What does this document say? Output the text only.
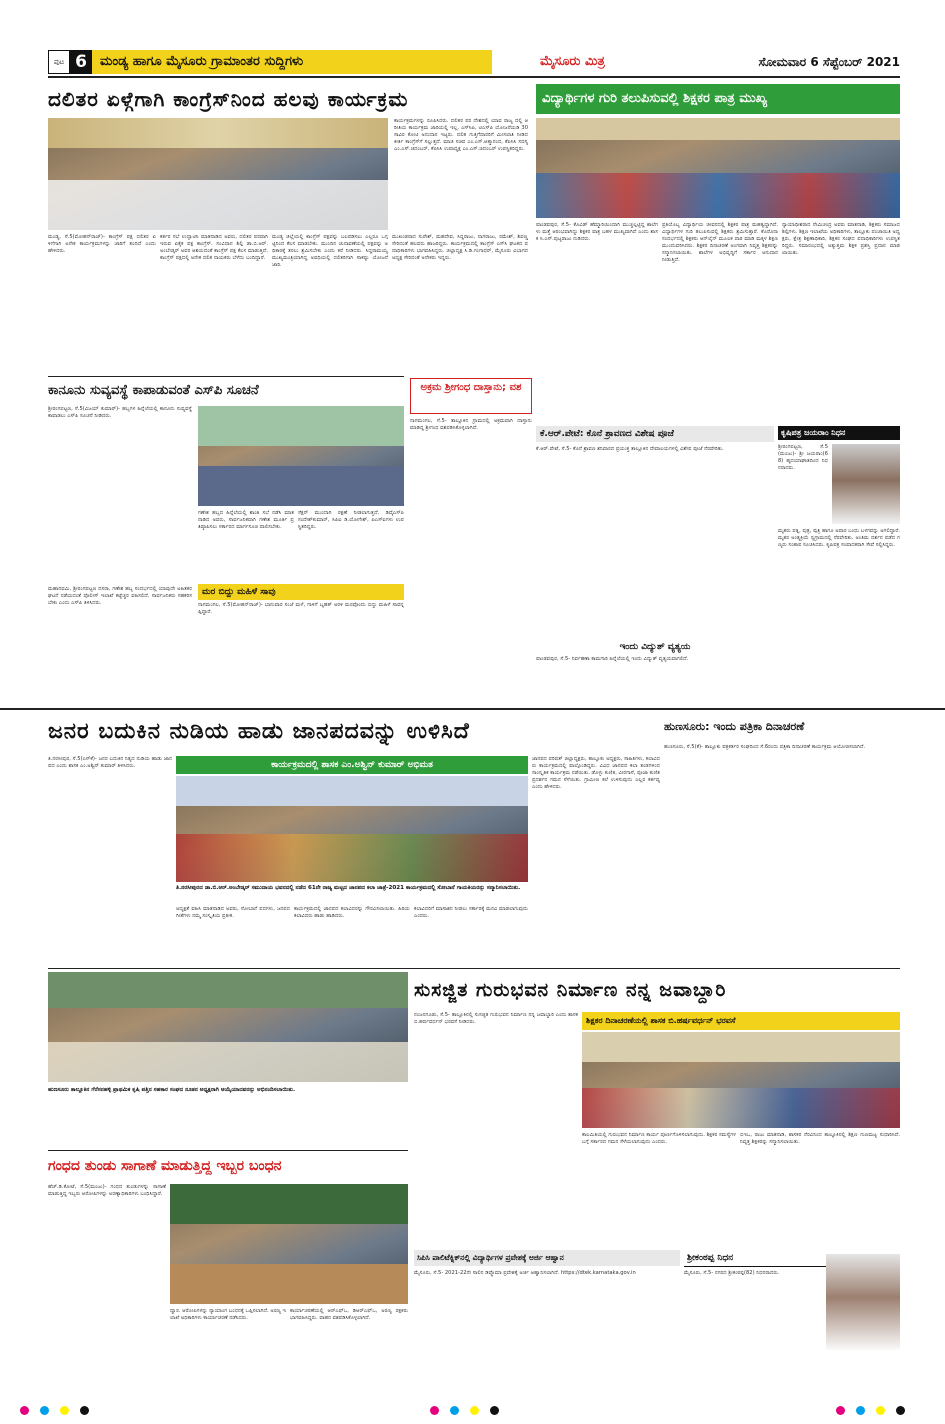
ಪುಟ 6	ಮಂಡ್ಯ ಹಾಗೂ ಮೈಸೂರು ಗ್ರಾಮಾಂತರ ಸುದ್ದಿಗಳು	ಮೈಸೂರು ಮಿತ್ರ	ಸೋಮವಾರ 6 ಸೆಪ್ಟೆಂಬರ್ 2021
ದಲಿತರ ಏಳ್ಗೆಗಾಗಿ ಕಾಂಗ್ರೆಸ್‌ನಿಂದ ಹಲವು ಕಾರ್ಯಕ್ರಮ
ಕಾರ್ಯಕ್ರಮಗಳನ್ನು ರೂಪಿಸಿದರು. ದಲಿತರ ಪರ ದೇಶದಲ್ಲಿ ಯಾವ ರಾಜ್ಯ ದಲ್ಲಿ ಆ ರೀತಿಯ ಕಾರ್ಯಕ್ರಮ ಜಾರಿಯಲ್ಲಿ ಇಲ್ಲ. ಎಸ್‌ಸಿಪಿ, ಟಿಎಸ್‌ಪಿ ಯೋಜನೆಯಡಿ 30 ಸಾವಿರ ಕೋಟಿ ಅನುದಾನ ಇಟ್ಟರು. ದಲಿತ ಗುತ್ತಿಗೆದಾರರಿಗೆ ಮೀಸಲಾತಿ ನೀಡಿದ ಕೀರ್ತಿ ಕಾಂಗ್ರೆಸ್‌ಗೆ ಸಲ್ಲುತ್ತದೆ. ಮಾಜಿ ಸಚಿವ ಎಂ.ಎಸ್.ಆತ್ಮಾನಂದ, ಕೆಪಿಸಿಸಿ ಸದಸ್ಯ ಎಂ.ಎಸ್.ಚಿದಂಬರ್, ಕೆಪಿಸಿಸಿ ಉಪಾಧ್ಯಕ್ಷ ಎಂ.ಎಸ್.ಚಿದಂಬರ್ ಉಪಸ್ಥಿತರಿದ್ದರು.
ಮಂಡ್ಯ, ಸೆ.5(ಮೋಹನ್‌ರಾಜ್)- ಕಾಂಗ್ರೆಸ್ ಪಕ್ಷ ದಲಿತರ ಏಳಿಗೆಗಾಗಿ ಅನೇಕ ಕಾರ್ಯಕ್ರಮಗಳನ್ನು ಜಾರಿಗೆ ತಂದಿದೆ ಎಂದು ಹೇಳಿದರು.
ಕರ್ತರ ಸಭೆ ಉದ್ಘಾಟಿಸಿ ಮಾತನಾಡಿದ ಅವರು, ದಲಿತರ ಪರವಾಗಿ ಇರುವ ಏಕೈಕ ಪಕ್ಷ ಕಾಂಗ್ರೆಸ್. ಸಂವಿಧಾನ ಶಿಲ್ಪಿ ಡಾ.ಬಿ.ಆರ್.ಅಂಬೇಡ್ಕರ್ ಅವರ ಆಶಯದಂತೆ ಕಾಂಗ್ರೆಸ್ ಪಕ್ಷ ಕೆಲಸ ಮಾಡುತ್ತಿದೆ. ಕಾಂಗ್ರೆಸ್ ಪಕ್ಷದಲ್ಲಿ ಅನೇಕ ದಲಿತ ನಾಯಕರು ಬೆಳೆದು ಬಂದಿದ್ದಾರೆ.
ಮಂಡ್ಯ ಜಿಲ್ಲೆಯಲ್ಲಿ ಕಾಂಗ್ರೆಸ್ ಪಕ್ಷವನ್ನು ಬಲಪಡಿಸಲು ಎಲ್ಲರೂ ಒಗ್ಗಟ್ಟಿನಿಂದ ಕೆಲಸ ಮಾಡಬೇಕು. ಮುಂದಿನ ಚುನಾವಣೆಯಲ್ಲಿ ಪಕ್ಷವನ್ನು ಅಧಿಕಾರಕ್ಕೆ ತರಲು ಶ್ರಮಿಸಬೇಕು ಎಂದು ಕರೆ ನೀಡಿದರು. ಸಿದ್ದರಾಮಯ್ಯ ಮುಖ್ಯಮಂತ್ರಿಯಾಗಿದ್ದ ಅವಧಿಯಲ್ಲಿ ದಲಿತರಿಗಾಗಿ ಸಾಕಷ್ಟು ಯೋಜನೆ ಜಾರಿ.
ಮುಖಂಡರಾದ ಸುರೇಶ್, ಮಹದೇವ, ಸಿದ್ದರಾಜು, ನಾಗರಾಜು, ರಮೇಶ್, ಶಿವಣ್ಣ ಸೇರಿದಂತೆ ಹಲವರು ಹಾಜರಿದ್ದರು. ಕಾರ್ಯಕ್ರಮದಲ್ಲಿ ಕಾಂಗ್ರೆಸ್ ಎಸ್‌ಸಿ ಘಟಕದ ಪದಾಧಿಕಾರಿಗಳು ಭಾಗವಹಿಸಿದ್ದರು. ಜಿಲ್ಲಾಧ್ಯಕ್ಷ ಸಿ.ಡಿ.ಗಂಗಾಧರ್, ಮೈಸೂರು ವಿಭಾಗದ ಅಧ್ಯಕ್ಷ ಸೇರಿದಂತೆ ಅನೇಕರು ಇದ್ದರು.
ವಿದ್ಯಾರ್ಥಿಗಳ ಗುರಿ ತಲುಪಿಸುವಲ್ಲಿ ಶಿಕ್ಷಕರ ಪಾತ್ರ ಮುಖ್ಯ
ಪಾಂಡವಪುರ, ಸೆ.5- ಕೊವಿಡ್ ಹೆಮ್ಮಾರಿಯಿಂದಾಗಿ ಮುಚ್ಚಲ್ಪಟ್ಟಿದ್ದ ಶಾಲೆಗಳು ಮತ್ತೆ ಆರಂಭವಾಗಿದ್ದು ಶಿಕ್ಷಕರ ಪಾತ್ರ ಬಹಳ ಮುಖ್ಯವಾಗಿದೆ ಎಂದು ಶಾಸಕ ಸಿ.ಎಸ್.ಪುಟ್ಟರಾಜು ನುಡಿದರು.
ಪ್ರತಿಯೊಬ್ಬ ವಿದ್ಯಾರ್ಥಿಯ ಜೀವನದಲ್ಲಿ ಶಿಕ್ಷಕರ ಪಾತ್ರ ಮಹತ್ವದ್ದಾಗಿದೆ. ವಿದ್ಯಾರ್ಥಿಗಳ ಗುರಿ ತಲುಪಿಸುವಲ್ಲಿ ಶಿಕ್ಷಕರು ಶ್ರಮಿಸುತ್ತಾರೆ. ಕೊರೊನಾ ಸಂದರ್ಭದಲ್ಲಿ ಶಿಕ್ಷಕರು ಆನ್‌ಲೈನ್ ಮೂಲಕ ಪಾಠ ಮಾಡಿ ಮಕ್ಕಳ ಶಿಕ್ಷಣ ಮುಂದುವರಿಸಿದರು. ಶಿಕ್ಷಕರ ದಿನಾಚರಣೆ ಅಂಗವಾಗಿ ನಿವೃತ್ತ ಶಿಕ್ಷಕರನ್ನು ಸನ್ಮಾನಿಸಲಾಯಿತು. ಶಾಲೆಗಳ ಅಭಿವೃದ್ಧಿಗೆ ಸರ್ಕಾರ ಅನುದಾನ ನೀಡುತ್ತಿದೆ.
ನ್ಯಾಯಾಧೀಶರಾದ ನೇಮಿಚಂದ್ರ ಅವರು ಮಾತನಾಡಿ, ಶಿಕ್ಷಕರು ಸಮಾಜದ ಶಿಲ್ಪಿಗಳು. ಶಿಕ್ಷಣ ಇಲಾಖೆಯ ಅಧಿಕಾರಿಗಳು, ತಾಲ್ಲೂಕು ಪಂಚಾಯಿತಿ ಅಧ್ಯಕ್ಷರು, ಕ್ಷೇತ್ರ ಶಿಕ್ಷಣಾಧಿಕಾರಿ, ಶಿಕ್ಷಕರ ಸಂಘದ ಪದಾಧಿಕಾರಿಗಳು ಉಪಸ್ಥಿತರಿದ್ದರು. ಸಮಾರಂಭದಲ್ಲಿ ಅತ್ಯುತ್ತಮ ಶಿಕ್ಷಕ ಪ್ರಶಸ್ತಿ ಪ್ರದಾನ ಮಾಡಲಾಯಿತು.
ಕಾನೂನು ಸುವ್ಯವಸ್ಥೆ ಕಾಪಾಡುವಂತೆ ಎಸ್‌ಪಿ ಸೂಚನೆ
ಶ್ರೀರಂಗಪಟ್ಟಣ, ಸೆ.5(ವಿಜಯ್ ಕುಮಾರ್)- ಹಬ್ಬಗಳ ಹಿನ್ನೆಲೆಯಲ್ಲಿ ಕಾನೂನು ಸುವ್ಯವಸ್ಥೆ ಕಾಪಾಡಲು ಎಸ್‌ಪಿ ಸೂಚನೆ ನೀಡಿದರು.
ಗಣೇಶ ಹಬ್ಬದ ಹಿನ್ನೆಲೆಯಲ್ಲಿ ಶಾಂತಿ ಸಭೆ ನಡೆಸಿ ಮಾತನಾಡಿದ ಅವರು, ಸಾರ್ವಜನಿಕವಾಗಿ ಗಣೇಶ ಮೂರ್ತಿ ಪ್ರತಿಷ್ಠಾಪಿಸಲು ಸರ್ಕಾರದ ಮಾರ್ಗಸೂಚಿ ಪಾಲಿಸಬೇಕು.
ಸೆಕ್ಷನ್ ಮುಂದಾಗಿ ರಕ್ಷಣೆ ನೀಡಲಾಗುತ್ತದೆ. ಡಿವೈಎಸ್‌ಪಿ ಸಂದೇಶ್‌ಕುಮಾರ್, ಸಿಪಿಐ ಡಿ.ಯೋಗೇಶ್, ಪಿಎಸ್‌ಐಗಳು ಉಪಸ್ಥಿತರಿದ್ದರು.
ಮರ ಬಿದ್ದು ಮಹಿಳೆ ಸಾವು
ಮಹಾನವಮಿ, ಶ್ರೀರಂಗಪಟ್ಟಣ ದಸರಾ, ಗಣೇಶ ಹಬ್ಬ ಸಂದರ್ಭದಲ್ಲಿ ಯಾವುದೇ ಅಹಿತಕರ ಘಟನೆ ನಡೆಯದಂತೆ ಪೊಲೀಸ್ ಇಲಾಖೆ ಕಟ್ಟೆಚ್ಚರ ವಹಿಸಲಿದೆ. ಸಾರ್ವಜನಿಕರು ಸಹಕರಿಸಬೇಕು ಎಂದು ಎಸ್‌ಪಿ ತಿಳಿಸಿದರು.	ನಾಗಮಂಗಲ, ಸೆ.5(ಮೋಹನ್‌ರಾಜ್)- ಭಾನುವಾರ ಸಂಜೆ ಮಳೆ, ಗಾಳಿಗೆ ಬೃಹತ್ ಅರಳಿ ಮರವೊಂದು ಬಿದ್ದು ಮಹಿಳೆ ಸಾವನ್ನಪ್ಪಿದ್ದಾರೆ.
ಅಕ್ರಮ ಶ್ರೀಗಂಧ ದಾಸ್ತಾನು; ವಶ
ನಾಗಮಂಗಲ, ಸೆ.5- ತಾಲ್ಲೂಕಿನ ಗ್ರಾಮದಲ್ಲಿ ಅಕ್ರಮವಾಗಿ ದಾಸ್ತಾನು ಮಾಡಿದ್ದ ಶ್ರೀಗಂಧ ವಶಪಡಿಸಿಕೊಳ್ಳಲಾಗಿದೆ.
ಕೆ.ಆರ್.ಪೇಟೆ: ಕೊನೆ ಶ್ರಾವಣದ ವಿಶೇಷ ಪೂಜೆ
ಕೆ.ಆರ್.ಪೇಟೆ, ಸೆ.5- ಕೊನೆ ಶ್ರಾವಣ ಶನಿವಾರದ ಪ್ರಯುಕ್ತ ತಾಲ್ಲೂಕಿನ ದೇವಾಲಯಗಳಲ್ಲಿ ವಿಶೇಷ ಪೂಜೆ ನೆರವೇರಿತು.
ಇಂದು ವಿದ್ಯುತ್ ವ್ಯತ್ಯಯ
ಪಾಂಡವಪುರ, ಸೆ.5- ನಿರ್ವಹಣಾ ಕಾಮಗಾರಿ ಹಿನ್ನೆಲೆಯಲ್ಲಿ ಇಂದು ವಿದ್ಯುತ್ ವ್ಯತ್ಯಯವಾಗಲಿದೆ.
ಕೃಷಿಪತ್ರ ಜಯರಾಂ ನಿಧನ
ಶ್ರೀರಂಗಪಟ್ಟಣ, ಸೆ.5(ಮಂಜು)- ಶ್ರೀ ಜಯರಾಂ(68) ಹೃದಯಾಘಾತದಿಂದ ನಿಧನರಾದರು.
ಮೃತರು ಪತ್ನಿ, ಪುತ್ರ, ಪುತ್ರಿ ಹಾಗೂ ಅಪಾರ ಬಂಧು ಬಳಗವನ್ನು ಅಗಲಿದ್ದಾರೆ. ಮೃತರ ಅಂತ್ಯಕ್ರಿಯೆ ಸ್ವಗ್ರಾಮದಲ್ಲಿ ನೆರವೇರಿತು. ಅಂತಿಮ ದರ್ಶನ ಪಡೆದ ಗಣ್ಯರು ಸಂತಾಪ ಸೂಚಿಸಿದರು. ಕೃಷಿಪತ್ರ ಸಂಪಾದಕರಾಗಿ ಸೇವೆ ಸಲ್ಲಿಸಿದ್ದರು.
ಜನರ ಬದುಕಿನ ನುಡಿಯ ಹಾಡು ಜಾನಪದವನ್ನು ಉಳಿಸಿದೆ
ತಿ.ನರಸೀಪುರ, ಸೆ.5(ಎಸ್‌ಕೆ)- ಜನರ ಬದುಕಿನ ನಿತ್ಯದ ನುಡಿಯ ಹಾಡು ಜಾನಪದ ಎಂದು ಶಾಸಕ ಎಂ.ಅಶ್ವಿನ್ ಕುಮಾರ್ ತಿಳಿಸಿದರು.	ಕಾರ್ಯಕ್ರಮದಲ್ಲಿ ಶಾಸಕ ಎಂ.ಅಶ್ವಿನ್ ಕುಮಾರ್ ಅಭಿಮತ
ತಿ.ನರಸೀಪುರದ ಡಾ.ಬಿ.ಆರ್.ಅಂಬೇಡ್ಕರ್ ಸಮುದಾಯ ಭವನದಲ್ಲಿ ನಡೆದ 61ನೇ ರಾಜ್ಯ ಮಟ್ಟದ ಜಾನಪದ ಕಲಾ ಜಾತ್ರೆ-2021 ಕಾರ್ಯಕ್ರಮದಲ್ಲಿ ಸೋಬಾನೆ ಗಾಯಕಿಯರನ್ನು ಸನ್ಮಾನಿಸಲಾಯಿತು.
ಅಧ್ಯಕ್ಷತೆ ವಹಿಸಿ ಮಾತನಾಡಿದ ಅವರು, ಸೋಬಾನೆ ಪದಗಳು, ಜನಪದ ಗೀತೆಗಳು ನಮ್ಮ ಸಂಸ್ಕೃತಿಯ ಪ್ರತೀಕ.
ಕಾರ್ಯಕ್ರಮದಲ್ಲಿ ಜಾನಪದ ಕಲಾವಿದರನ್ನು ಗೌರವಿಸಲಾಯಿತು. ಹಿರಿಯ ಕಲಾವಿದರು ಹಾಡು ಹಾಡಿದರು.
ಕಲಾವಿದರಿಗೆ ಮಾಸಾಶನ ನೀಡಲು ಸರ್ಕಾರಕ್ಕೆ ಮನವಿ ಮಾಡಲಾಗುವುದು ಎಂದರು.
ಜಾನಪದ ಪರಿಷತ್ ಜಿಲ್ಲಾಧ್ಯಕ್ಷರು, ತಾಲ್ಲೂಕು ಅಧ್ಯಕ್ಷರು, ಸಾಹಿತಿಗಳು, ಕಲಾವಿದರು ಕಾರ್ಯಕ್ರಮದಲ್ಲಿ ಪಾಲ್ಗೊಂಡಿದ್ದರು. ವಿವಿಧ ಜಾನಪದ ಕಲಾ ತಂಡಗಳಿಂದ ಸಾಂಸ್ಕೃತಿಕ ಕಾರ್ಯಕ್ರಮ ನಡೆಯಿತು. ಡೊಳ್ಳು ಕುಣಿತ, ವೀರಗಾಸೆ, ಪೂಜಾ ಕುಣಿತ ಪ್ರದರ್ಶನ ಗಮನ ಸೆಳೆಯಿತು. ಗ್ರಾಮೀಣ ಕಲೆ ಉಳಿಸುವುದು ಎಲ್ಲರ ಕರ್ತವ್ಯ ಎಂದು ಹೇಳಿದರು.
ಹುಣಸೂರು: ಇಂದು ಪತ್ರಿಕಾ ದಿನಾಚರಣೆ
ಹುಣಸೂರು, ಸೆ.5(ಕೆ)- ತಾಲ್ಲೂಕು ಪತ್ರಕರ್ತರ ಸಂಘದಿಂದ ಸೆ.6ರಂದು ಪತ್ರಿಕಾ ದಿನಾಚರಣೆ ಕಾರ್ಯಕ್ರಮ ಆಯೋಜಿಸಲಾಗಿದೆ.
ಹುಣಸೂರು ತಾಲ್ಲೂಕಿನ ಗೆರೆಸನಹಳ್ಳಿ ಪ್ರಾಥಮಿಕ ಕೃಷಿ ಪತ್ತಿನ ಸಹಕಾರ ಸಂಘದ ನೂತನ ಅಧ್ಯಕ್ಷರಾಗಿ ಆಯ್ಕೆಯಾದವರನ್ನು ಅಭಿನಂದಿಸಲಾಯಿತು.
ಗಂಧದ ತುಂಡು ಸಾಗಾಣೆ ಮಾಡುತ್ತಿದ್ದ ಇಬ್ಬರ ಬಂಧನ
ಹೆಚ್.ಡಿ.ಕೋಟೆ, ಸೆ.5(ಮಂಜು)- ಗಂಧದ ತುಂಡುಗಳನ್ನು ಸಾಗಾಣೆ ಮಾಡುತ್ತಿದ್ದ ಇಬ್ಬರು ಆರೋಪಿಗಳನ್ನು ಅರಣ್ಯಾಧಿಕಾರಿಗಳು ಬಂಧಿಸಿದ್ದಾರೆ.
ದ್ವಾರ. ಆರೋಪಿಗಳನ್ನು ನ್ಯಾಯಾಂಗ ಬಂಧನಕ್ಕೆ ಒಪ್ಪಿಸಲಾಗಿದೆ. ಅರಣ್ಯ ಇಲಾಖೆ ಅಧಿಕಾರಿಗಳು ಕಾರ್ಯಾಚರಣೆ ನಡೆಸಿದರು.
ಕಾರ್ಯಾಚರಣೆಯಲ್ಲಿ ಆರ್‌ಎಫ್‌ಒ, ಡಿಆರ್‌ಎಫ್‌ಒ, ಅರಣ್ಯ ರಕ್ಷಕರು ಭಾಗವಹಿಸಿದ್ದರು. ವಾಹನ ವಶಪಡಿಸಿಕೊಳ್ಳಲಾಗಿದೆ.
ಸುಸಜ್ಜಿತ ಗುರುಭವನ ನಿರ್ಮಾಣ ನನ್ನ ಜವಾಬ್ದಾರಿ
ನಂಜನಗೂಡು, ಸೆ.5- ತಾಲ್ಲೂಕಿನಲ್ಲಿ ಸುಸಜ್ಜಿತ ಗುರುಭವನ ನಿರ್ಮಾಣ ನನ್ನ ಜವಾಬ್ದಾರಿ ಎಂದು ಶಾಸಕ ಬಿ.ಹರ್ಷವರ್ಧನ್ ಭರವಸೆ ನೀಡಿದರು.	ಶಿಕ್ಷಕರ ದಿನಾಚರಣೆಯಲ್ಲಿ ಶಾಸಕ ಬಿ.ಹರ್ಷವರ್ಧನ್ ಭರವಸೆ
ಕಾಲಮಿತಿಯಲ್ಲಿ ಗುರುಭವನ ನಿರ್ಮಾಣ ಕಾರ್ಯ ಪೂರ್ಣಗೊಳಿಸಲಾಗುವುದು. ಶಿಕ್ಷಕರ ಸಮಸ್ಯೆಗಳ ಬಗ್ಗೆ ಸರ್ಕಾರದ ಗಮನ ಸೆಳೆಯಲಾಗುವುದು ಎಂದರು.
ಬಿಇಒ, ರಾಜು ಮಾತನಾಡಿ, ಶಾಸಕರ ನೆರವಿನಿಂದ ತಾಲ್ಲೂಕಿನಲ್ಲಿ ಶಿಕ್ಷಣ ಗುಣಮಟ್ಟ ಸುಧಾರಿಸಿದೆ. ನಿವೃತ್ತ ಶಿಕ್ಷಕರನ್ನು ಸನ್ಮಾನಿಸಲಾಯಿತು.
ಸಿಪಿಸಿ ಪಾಲಿಟೆಕ್ನಿಕ್‌ನಲ್ಲಿ ವಿದ್ಯಾರ್ಥಿಗಳ ಪ್ರವೇಶಕ್ಕೆ ಅರ್ಜಿ ಆಹ್ವಾನ
ಮೈಸೂರು, ಸೆ.5- 2021-22ನೇ ಸಾಲಿನ ಡಿಪ್ಲೊಮಾ ಪ್ರವೇಶಕ್ಕೆ ಅರ್ಜಿ ಆಹ್ವಾನಿಸಲಾಗಿದೆ. https://dtek.karnataka.gov.in
ಶ್ರೀಕಂಠಪ್ಪ ನಿಧನ
ಮೈಸೂರು, ಸೆ.5- ನಗರದ ಶ್ರೀಕಂಠಪ್ಪ(82) ನಿಧನರಾದರು.
